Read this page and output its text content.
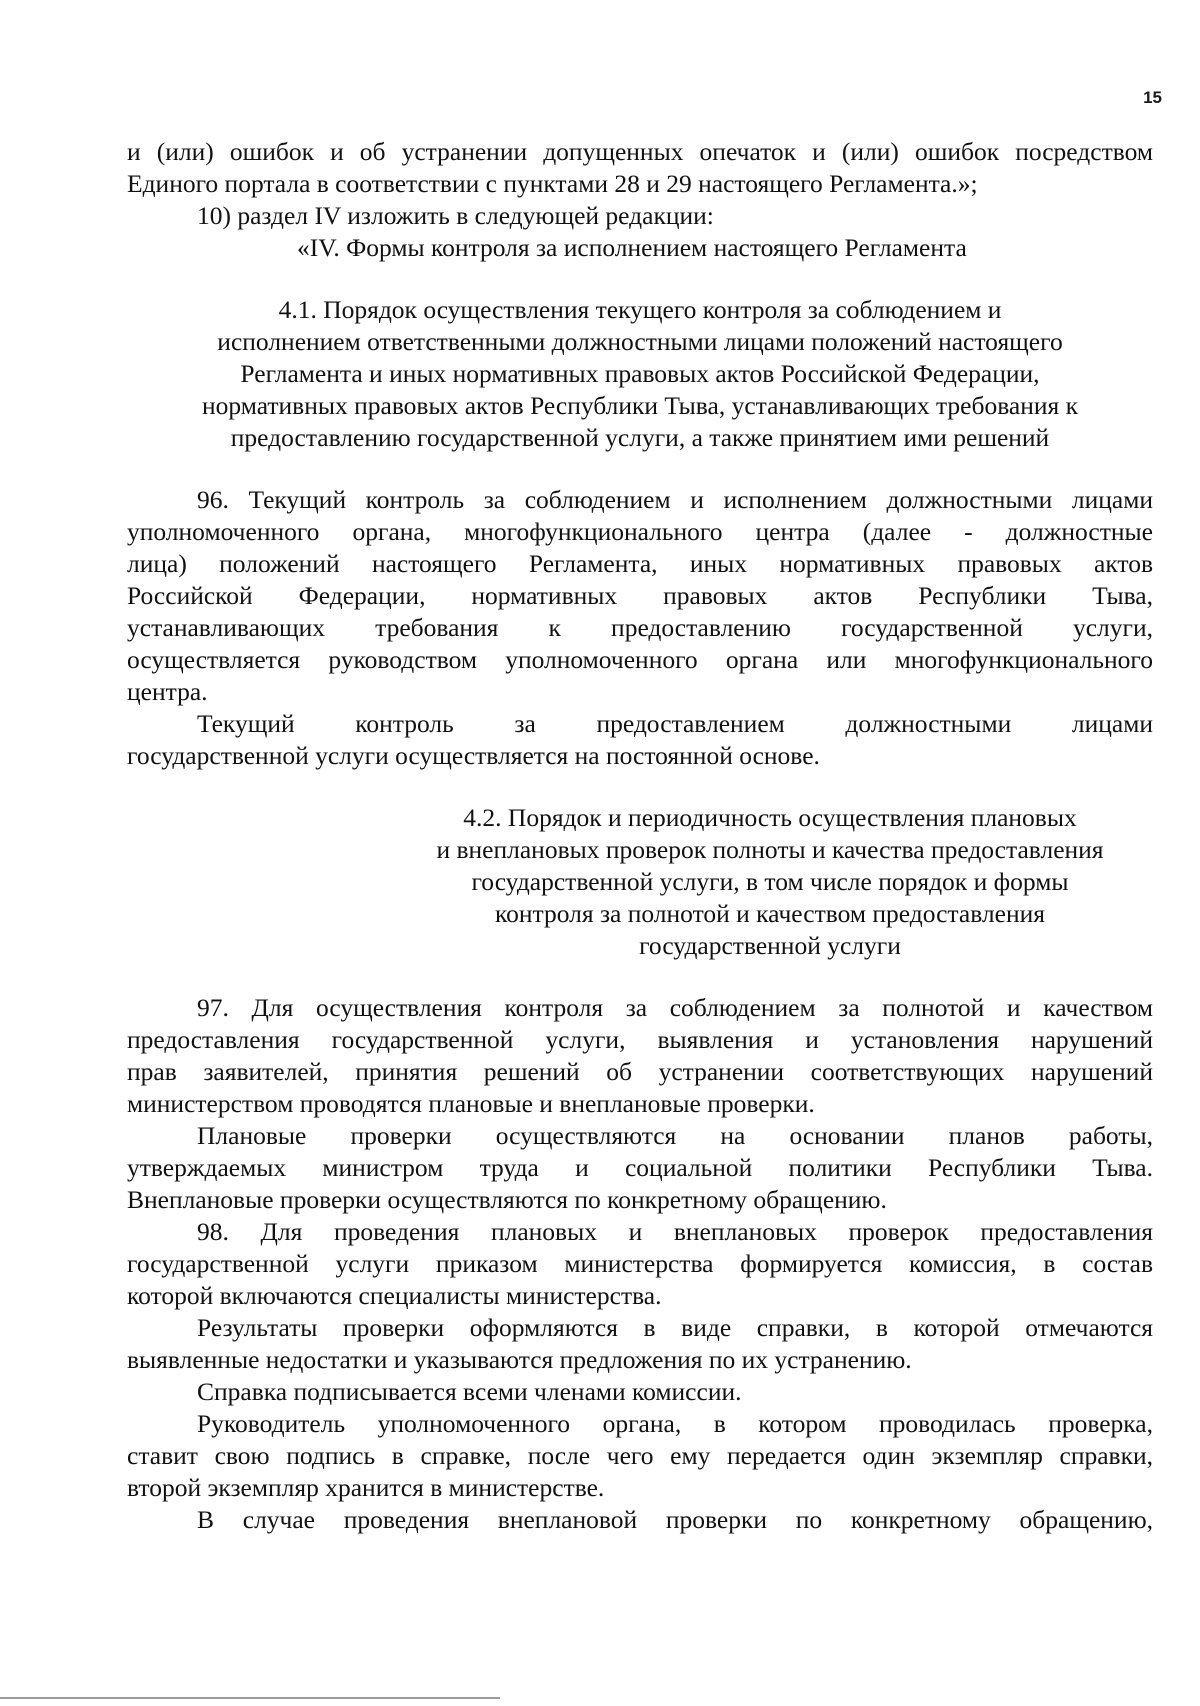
15

и (или) ошибок и об устранении допущенных опечаток и (или) ошибок посредством

Единого портала в соответствии с пунктами 28 и 29 настоящего Регламента.»;

10) раздел IV изложить в следующей редакции:

«IV. Формы контроля за исполнением настоящего Регламента

4.1. Порядок осуществления текущего контроля за соблюдением и
исполнением ответственными должностными лицами положений настоящего
Регламента и иных нормативных правовых актов Российской Федерации,
нормативных правовых актов Республики Тыва, устанавливающих требования к
предоставлению государственной услуги, а также принятием ими решений

96. Текущий контроль за соблюдением и исполнением должностными лицами

уполномоченного органа, многофункционального центра (далее - должностные

лица) положений настоящего Регламента, иных нормативных правовых актов

Российской Федерации, нормативных правовых актов Республики Тыва,

устанавливающих требования к предоставлению государственной услуги,

осуществляется руководством уполномоченного органа или многофункционального

центра.

Текущий контроль за предоставлением должностными лицами

государственной услуги осуществляется на постоянной основе.

4.2. Порядок и периодичность осуществления плановых
и внеплановых проверок полноты и качества предоставления
государственной услуги, в том числе порядок и формы
контроля за полнотой и качеством предоставления
государственной услуги

97. Для осуществления контроля за соблюдением за полнотой и качеством

предоставления государственной услуги, выявления и установления нарушений

прав заявителей, принятия решений об устранении соответствующих нарушений

министерством проводятся плановые и внеплановые проверки.

Плановые проверки осуществляются на основании планов работы,

утверждаемых министром труда и социальной политики Республики Тыва.

Внеплановые проверки осуществляются по конкретному обращению.

98. Для проведения плановых и внеплановых проверок предоставления

государственной услуги приказом министерства формируется комиссия, в состав

которой включаются специалисты министерства.

Результаты проверки оформляются в виде справки, в которой отмечаются

выявленные недостатки и указываются предложения по их устранению.

Справка подписывается всеми членами комиссии.

Руководитель уполномоченного органа, в котором проводилась проверка,

ставит свою подпись в справке, после чего ему передается один экземпляр справки,

второй экземпляр хранится в министерстве.

В случае проведения внеплановой проверки по конкретному обращению,
